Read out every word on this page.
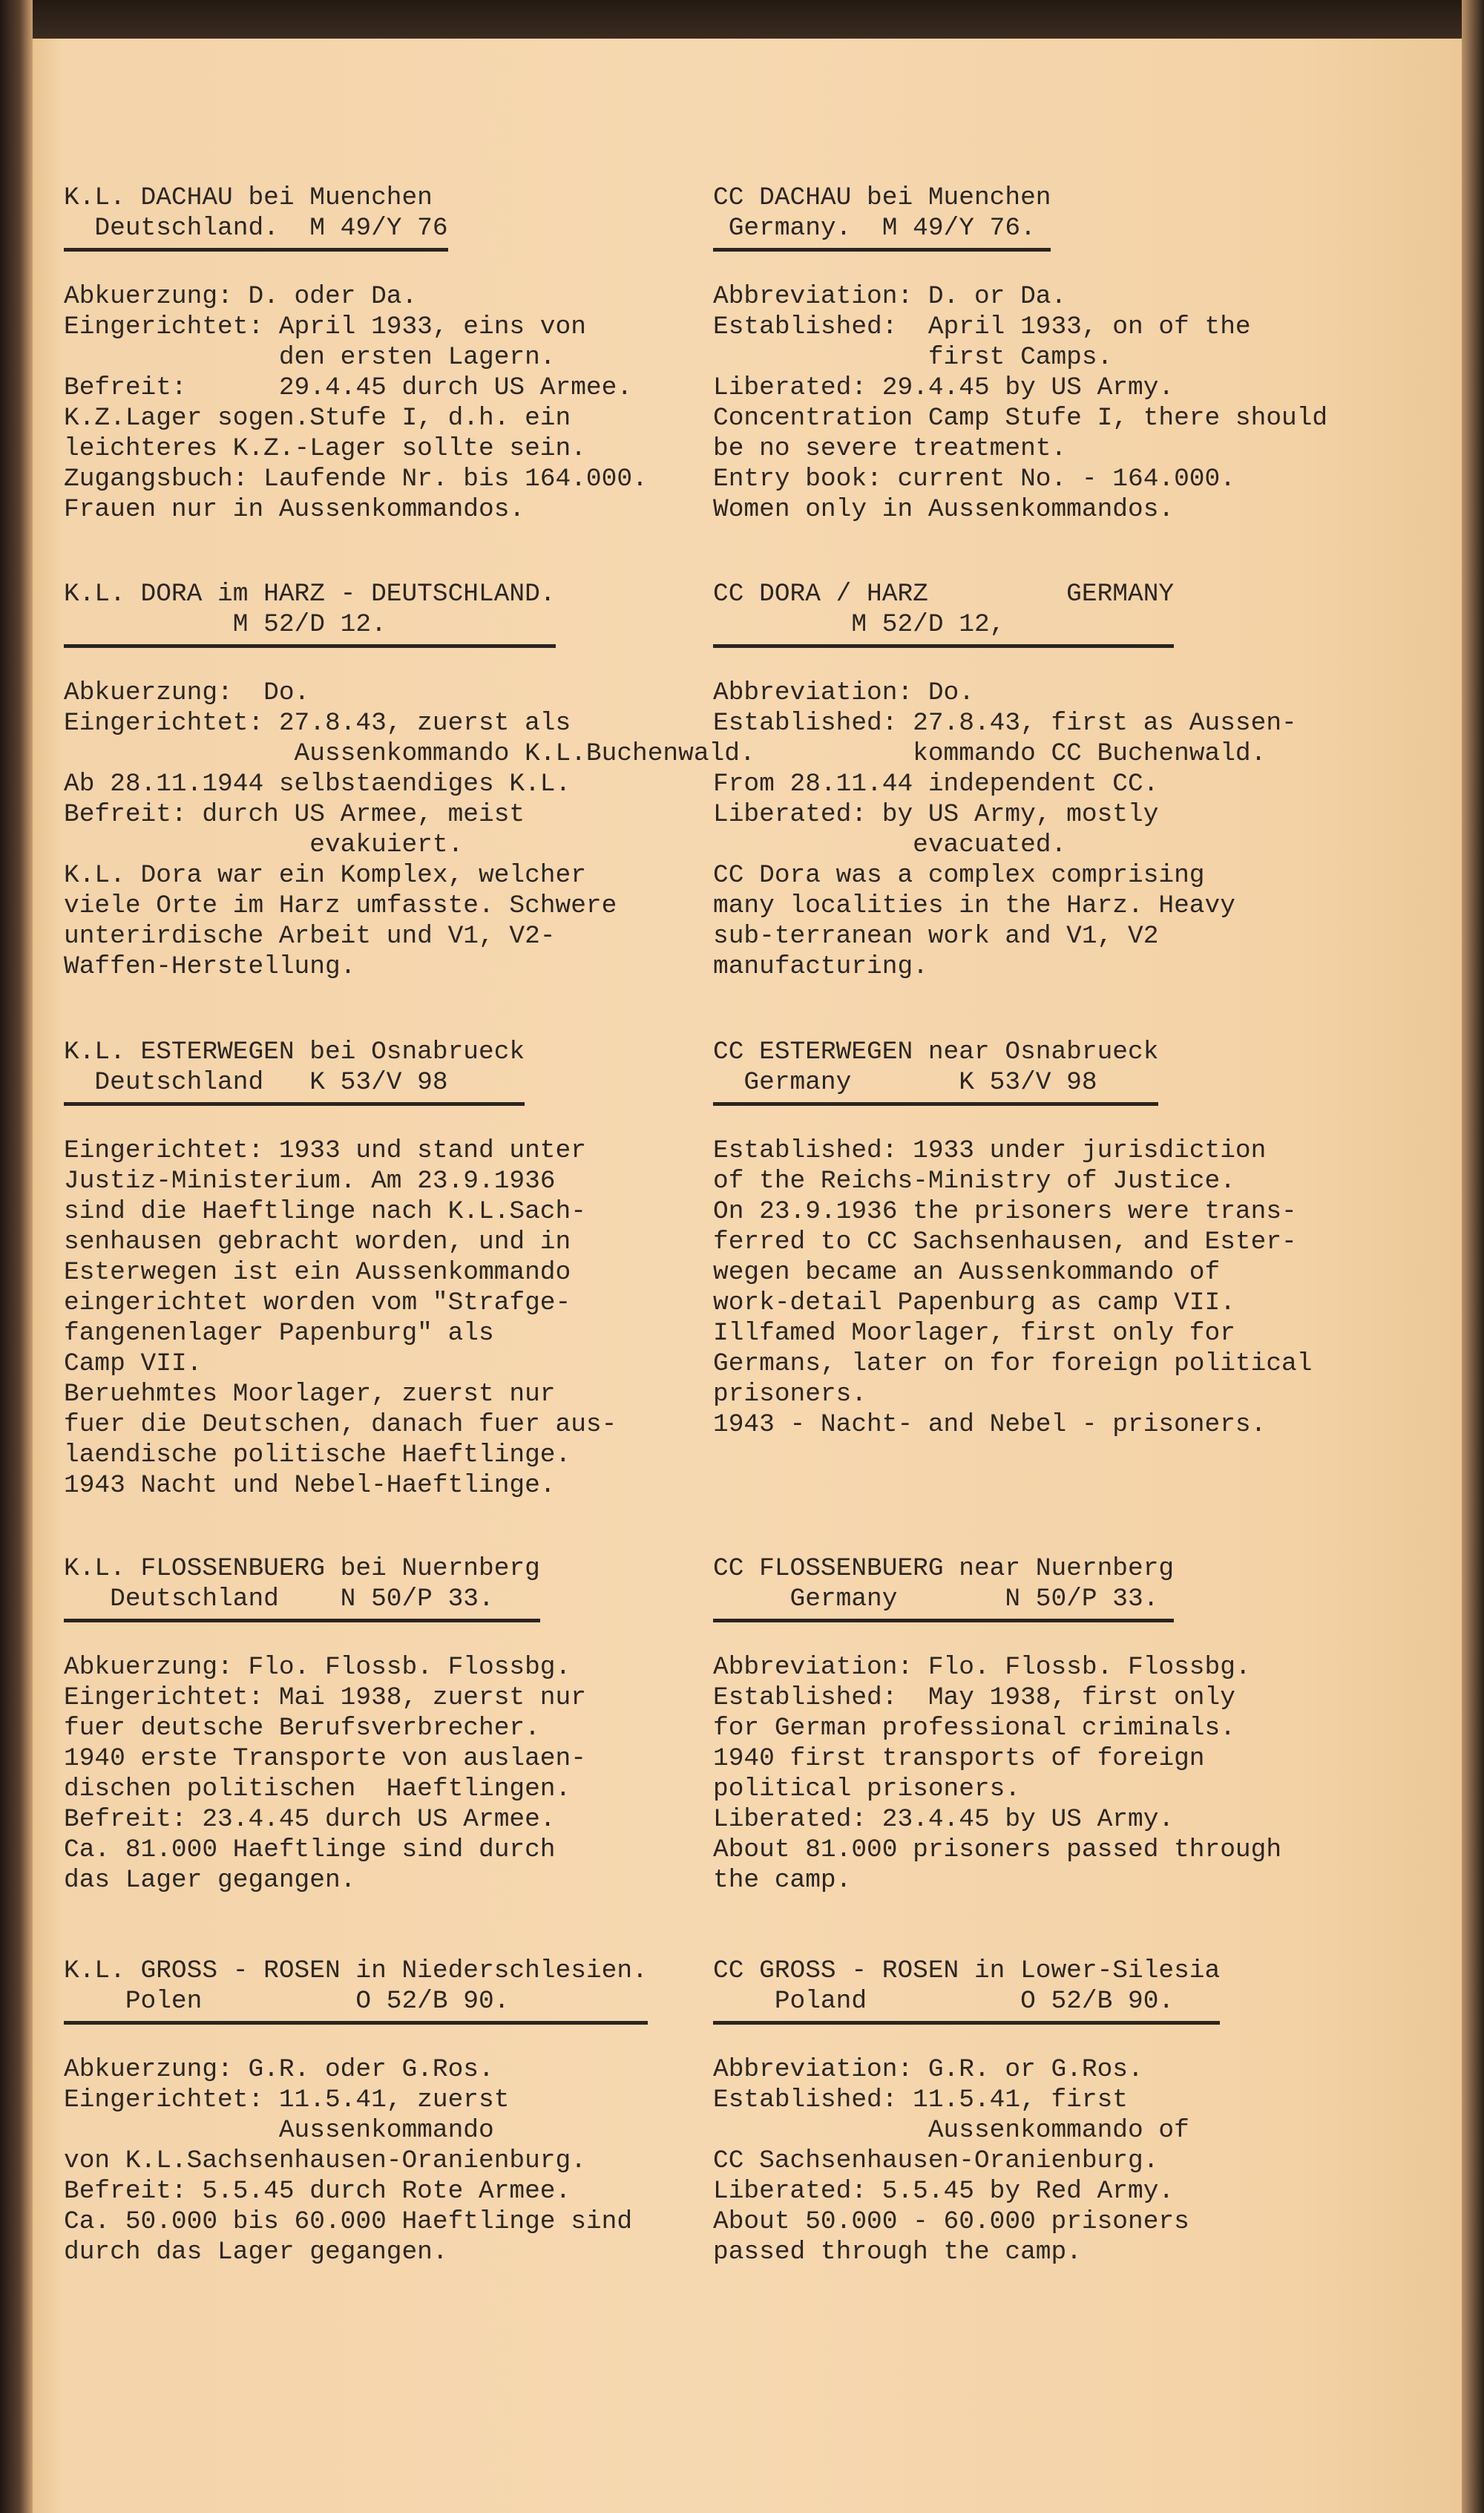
K.L. DACHAU bei Muenchen
Deutschland.  M 49/Y 76
Abkuerzung: D. oder Da.
Eingerichtet: April 1933, eins von
den ersten Lagern.
Befreit:      29.4.45 durch US Armee.
K.Z.Lager sogen.Stufe I, d.h. ein
leichteres K.Z.-Lager sollte sein.
Zugangsbuch: Laufende Nr. bis 164.000.
Frauen nur in Aussenkommandos.
CC DACHAU bei Muenchen
Germany.  M 49/Y 76.
Abbreviation: D. or Da.
Established:  April 1933, on of the
first Camps.
Liberated: 29.4.45 by US Army.
Concentration Camp Stufe I, there should
be no severe treatment.
Entry book: current No. - 164.000.
Women only in Aussenkommandos.
K.L. DORA im HARZ - DEUTSCHLAND.
M 52/D 12.
Abkuerzung:  Do.
Eingerichtet: 27.8.43, zuerst als
Aussenkommando K.L.Buchenwald.
Ab 28.11.1944 selbstaendiges K.L.
Befreit: durch US Armee, meist
evakuiert.
K.L. Dora war ein Komplex, welcher
viele Orte im Harz umfasste. Schwere
unterirdische Arbeit und V1, V2-
Waffen-Herstellung.
CC DORA / HARZ         GERMANY
M 52/D 12,
Abbreviation: Do.
Established: 27.8.43, first as Aussen-
kommando CC Buchenwald.
From 28.11.44 independent CC.
Liberated: by US Army, mostly
evacuated.
CC Dora was a complex comprising
many localities in the Harz. Heavy
sub-terranean work and V1, V2
manufacturing.
K.L. ESTERWEGEN bei Osnabrueck
Deutschland   K 53/V 98
Eingerichtet: 1933 und stand unter
Justiz-Ministerium. Am 23.9.1936
sind die Haeftlinge nach K.L.Sach-
senhausen gebracht worden, und in
Esterwegen ist ein Aussenkommando
eingerichtet worden vom "Strafge-
fangenenlager Papenburg" als
Camp VII.
Beruehmtes Moorlager, zuerst nur
fuer die Deutschen, danach fuer aus-
laendische politische Haeftlinge.
1943 Nacht und Nebel-Haeftlinge.
CC ESTERWEGEN near Osnabrueck
Germany       K 53/V 98
Established: 1933 under jurisdiction
of the Reichs-Ministry of Justice.
On 23.9.1936 the prisoners were trans-
ferred to CC Sachsenhausen, and Ester-
wegen became an Aussenkommando of
work-detail Papenburg as camp VII.
Illfamed Moorlager, first only for
Germans, later on for foreign political
prisoners.
1943 - Nacht- and Nebel - prisoners.
K.L. FLOSSENBUERG bei Nuernberg
Deutschland    N 50/P 33.
Abkuerzung: Flo. Flossb. Flossbg.
Eingerichtet: Mai 1938, zuerst nur
fuer deutsche Berufsverbrecher.
1940 erste Transporte von auslaen-
dischen politischen  Haeftlingen.
Befreit: 23.4.45 durch US Armee.
Ca. 81.000 Haeftlinge sind durch
das Lager gegangen.
CC FLOSSENBUERG near Nuernberg
Germany       N 50/P 33.
Abbreviation: Flo. Flossb. Flossbg.
Established:  May 1938, first only
for German professional criminals.
1940 first transports of foreign
political prisoners.
Liberated: 23.4.45 by US Army.
About 81.000 prisoners passed through
the camp.
K.L. GROSS - ROSEN in Niederschlesien.
Polen          O 52/B 90.
Abkuerzung: G.R. oder G.Ros.
Eingerichtet: 11.5.41, zuerst
Aussenkommando
von K.L.Sachsenhausen-Oranienburg.
Befreit: 5.5.45 durch Rote Armee.
Ca. 50.000 bis 60.000 Haeftlinge sind
durch das Lager gegangen.
CC GROSS - ROSEN in Lower-Silesia
Poland          O 52/B 90.
Abbreviation: G.R. or G.Ros.
Established: 11.5.41, first
Aussenkommando of
CC Sachsenhausen-Oranienburg.
Liberated: 5.5.45 by Red Army.
About 50.000 - 60.000 prisoners
passed through the camp.
